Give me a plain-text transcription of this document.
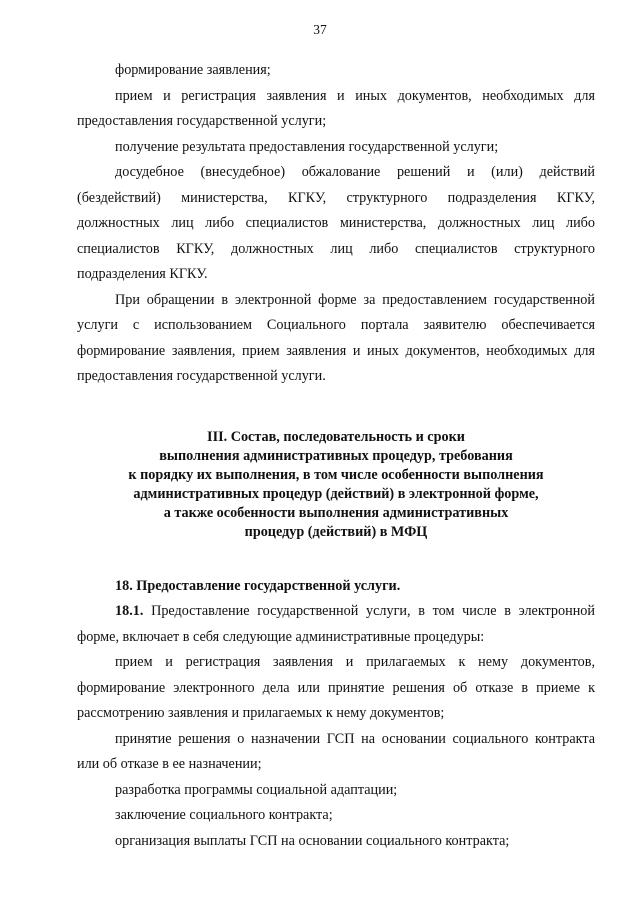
37

формирование заявления;

прием и регистрация заявления и иных документов, необходимых для предоставления государственной услуги;

получение результата предоставления государственной услуги;

досудебное (внесудебное) обжалование решений и (или) действий (бездействий) министерства, КГКУ, структурного подразделения КГКУ, должностных лиц либо специалистов министерства, должностных лиц либо специалистов КГКУ, должностных лиц либо специалистов структурного подразделения КГКУ.

При обращении в электронной форме за предоставлением государственной услуги с использованием Социального портала заявителю обеспечивается формирование заявления, прием заявления и иных документов, необходимых для предоставления государственной услуги.

III. Состав, последовательность и сроки

выполнения административных процедур, требования

к порядку их выполнения, в том числе особенности выполнения

административных процедур (действий) в электронной форме,

а также особенности выполнения административных

процедур (действий) в МФЦ

18. Предоставление государственной услуги.

18.1. Предоставление государственной услуги, в том числе в электронной форме, включает в себя следующие административные процедуры:

прием и регистрация заявления и прилагаемых к нему документов, формирование электронного дела или принятие решения об отказе в приеме к рассмотрению заявления и прилагаемых к нему документов;

принятие решения о назначении ГСП на основании социального контракта или об отказе в ее назначении;

разработка программы социальной адаптации;

заключение социального контракта;

организация выплаты ГСП на основании социального контракта;
